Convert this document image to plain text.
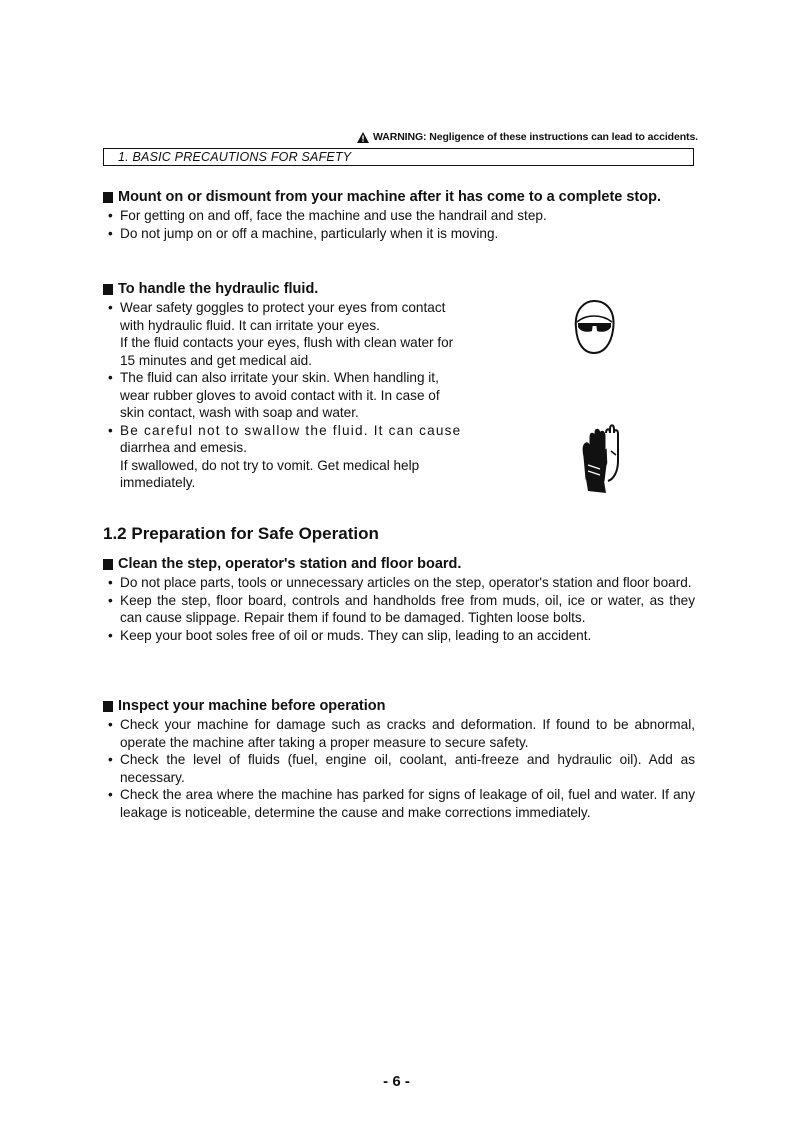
WARNING: Negligence of these instructions can lead to accidents.
1. BASIC PRECAUTIONS FOR SAFETY

Mount on or dismount from your machine after it has come to a complete stop.

• For getting on and off, face the machine and use the handrail and step.
• Do not jump on or off a machine, particularly when it is moving.

To handle the hydraulic fluid.

• Wear safety goggles to protect your eyes from contact
with hydraulic fluid. It can irritate your eyes.
If the fluid contacts your eyes, flush with clean water for
15 minutes and get medical aid.
• The fluid can also irritate your skin. When handling it,
wear rubber gloves to avoid contact with it. In case of
skin contact, wash with soap and water.
• Be careful not to swallow the fluid. It can cause
diarrhea and emesis.
If swallowed, do not try to vomit. Get medical help
immediately.
1.2 Preparation for Safe Operation

Clean the step, operator's station and floor board.

• Do not place parts, tools or unnecessary articles on the step, operator's station and floor board.
• Keep the step, floor board, controls and handholds free from muds, oil, ice or water, as they can cause slippage. Repair them if found to be damaged. Tighten loose bolts.
• Keep your boot soles free of oil or muds. They can slip, leading to an accident.

Inspect your machine before operation

• Check your machine for damage such as cracks and deformation. If found to be abnormal, operate the machine after taking a proper measure to secure safety.
• Check the level of fluids (fuel, engine oil, coolant, anti-freeze and hydraulic oil). Add as necessary.
• Check the area where the machine has parked for signs of leakage of oil, fuel and water. If any leakage is noticeable, determine the cause and make corrections immediately.
- 6 -
